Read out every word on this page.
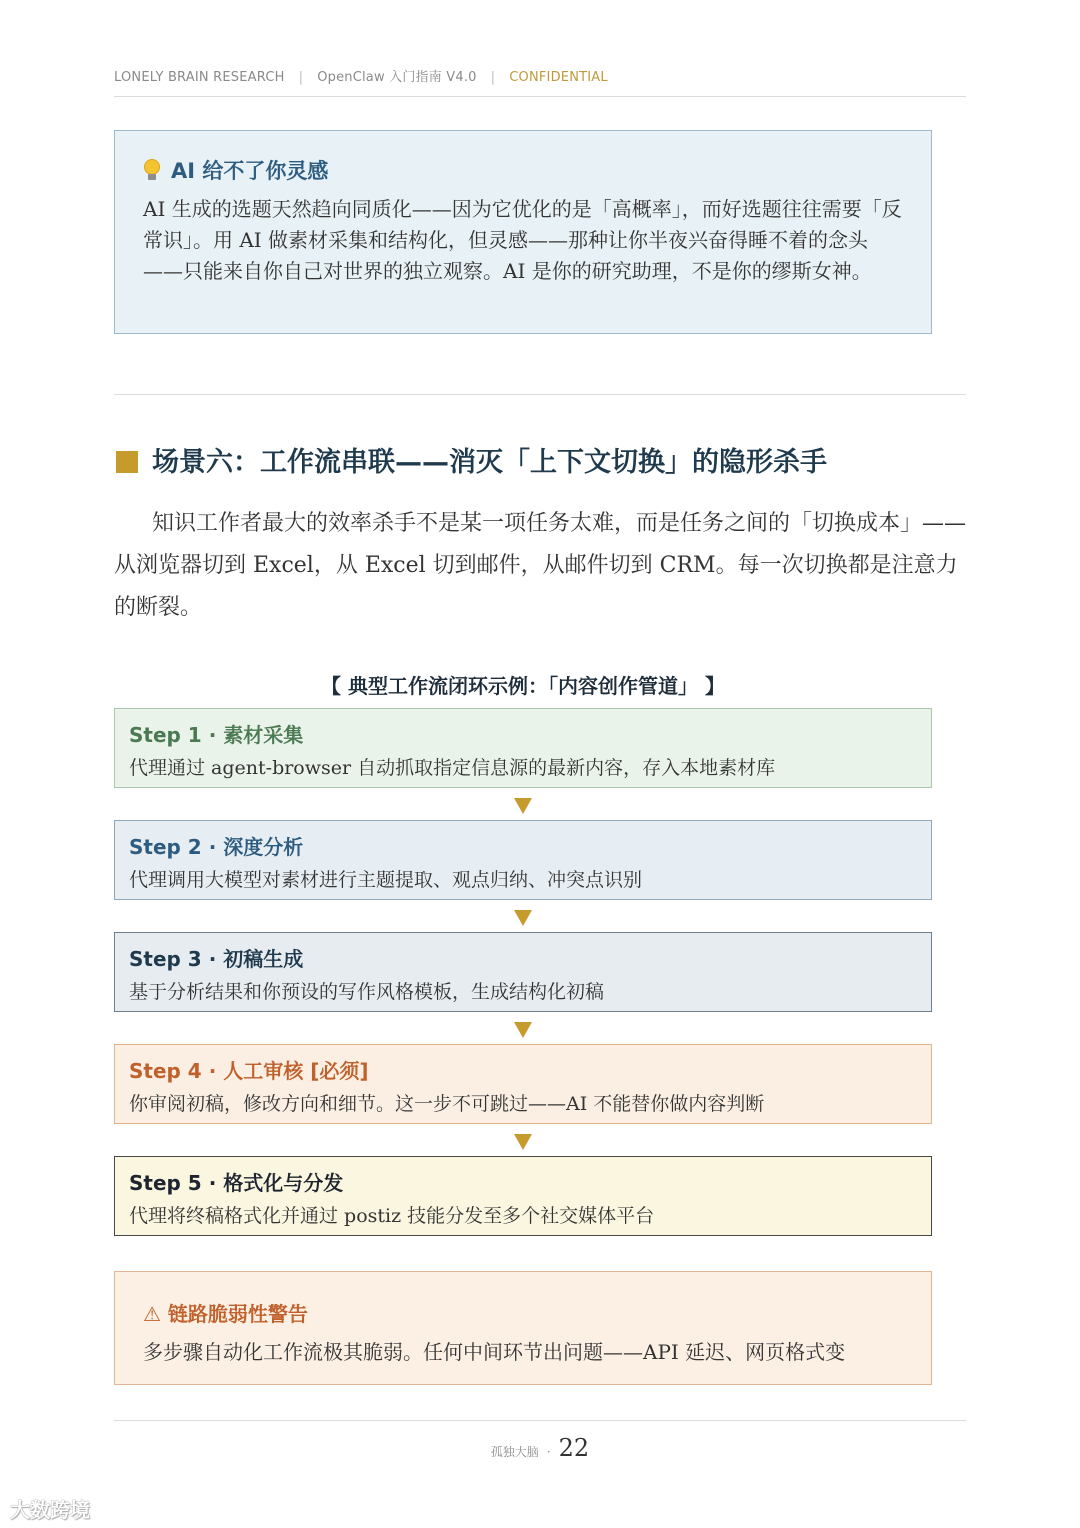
LONELY BRAIN RESEARCH | OpenClaw 入门指南 V4.0 | CONFIDENTIAL
AI 给不了你灵感
AI 生成的选题天然趋向同质化——因为它优化的是「高概率」，而好选题往往需要「反常识」。用 AI 做素材采集和结构化，但灵感——那种让你半夜兴奋得睡不着的念头——只能来自你自己对世界的独立观察。AI 是你的研究助理，不是你的缪斯女神。
场景六：工作流串联——消灭「上下文切换」的隐形杀手
知识工作者最大的效率杀手不是某一项任务太难，而是任务之间的「切换成本」——从浏览器切到 Excel，从 Excel 切到邮件，从邮件切到 CRM。每一次切换都是注意力的断裂。
【 典型工作流闭环示例：「内容创作管道」 】
Step 1 · 素材采集
代理通过 agent-browser 自动抓取指定信息源的最新内容，存入本地素材库
Step 2 · 深度分析
代理调用大模型对素材进行主题提取、观点归纳、冲突点识别
Step 3 · 初稿生成
基于分析结果和你预设的写作风格模板，生成结构化初稿
Step 4 · 人工审核 [必须]
你审阅初稿，修改方向和细节。这一步不可跳过——AI 不能替你做内容判断
Step 5 · 格式化与分发
代理将终稿格式化并通过 postiz 技能分发至多个社交媒体平台
⚠ 链路脆弱性警告
多步骤自动化工作流极其脆弱。任何中间环节出问题——API 延迟、网页格式变
孤独大脑 · 22
大数跨境
